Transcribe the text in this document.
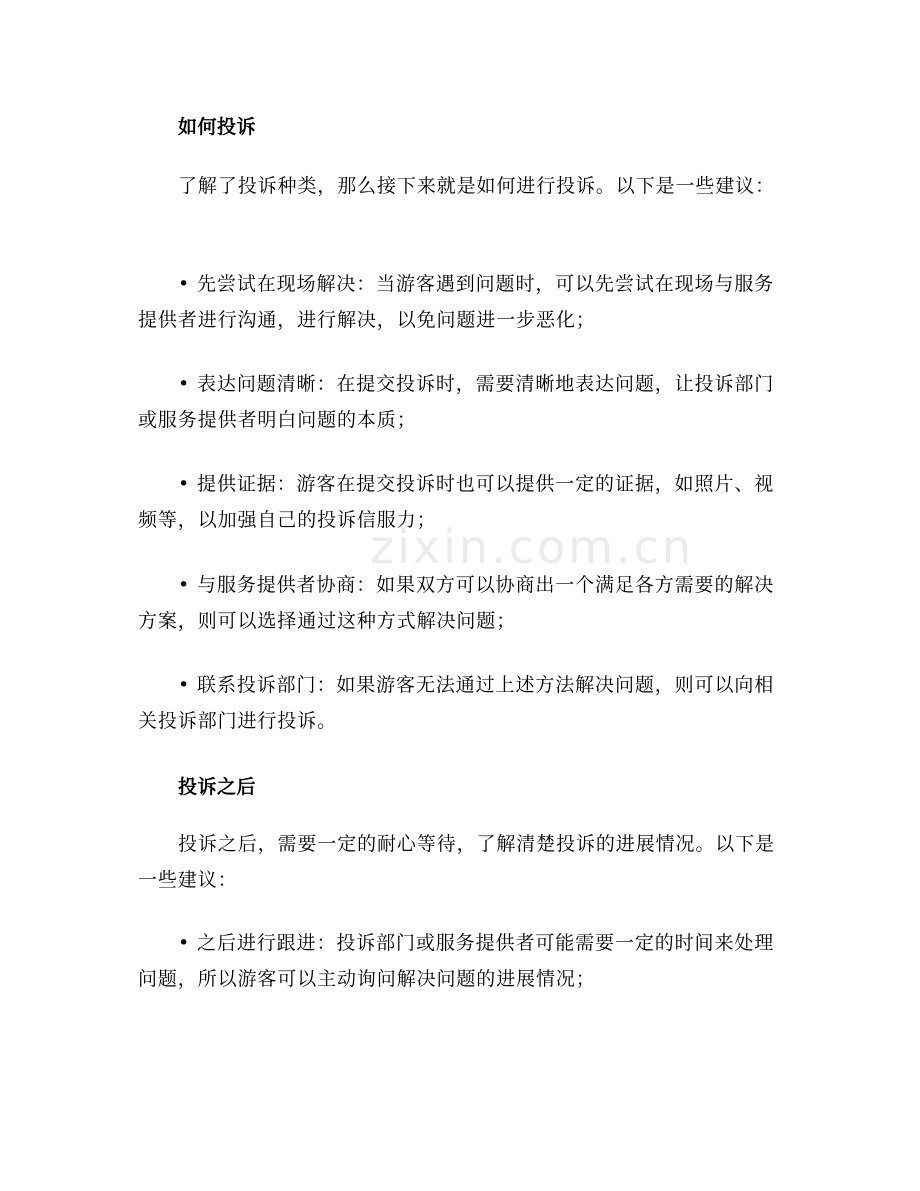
zixin.com.cn
如何投诉
了解了投诉种类，那么接下来就是如何进行投诉。以下是一些建议：
• 先尝试在现场解决：当游客遇到问题时，可以先尝试在现场与服务提供者进行沟通，进行解决，以免问题进一步恶化；
• 表达问题清晰：在提交投诉时，需要清晰地表达问题，让投诉部门或服务提供者明白问题的本质；
• 提供证据：游客在提交投诉时也可以提供一定的证据，如照片、视频等，以加强自己的投诉信服力；
• 与服务提供者协商：如果双方可以协商出一个满足各方需要的解决方案，则可以选择通过这种方式解决问题；
• 联系投诉部门：如果游客无法通过上述方法解决问题，则可以向相关投诉部门进行投诉。
投诉之后
投诉之后，需要一定的耐心等待，了解清楚投诉的进展情况。以下是一些建议：
• 之后进行跟进：投诉部门或服务提供者可能需要一定的时间来处理问题，所以游客可以主动询问解决问题的进展情况；
